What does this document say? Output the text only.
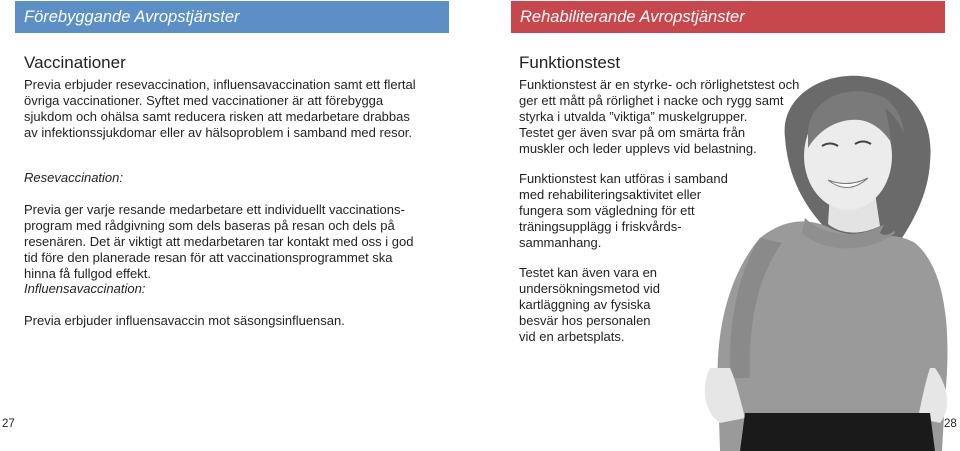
Förebyggande Avropstjänster
Vaccinationer
Previa erbjuder resevaccination, influensavaccination samt ett flertal
övriga vaccinationer. Syftet med vaccinationer är att förebygga
sjukdom och ohälsa samt reducera risken att medarbetare drabbas
av infektionssjukdomar eller av hälsoproblem i samband med resor.

Resevaccination:

Previa ger varje resande medarbetare ett individuellt vaccinations-
program med rådgivning som dels baseras på resan och dels på
resenären. Det är viktigt att medarbetaren tar kontakt med oss i god
tid före den planerade resan för att vaccinationsprogrammet ska
hinna få fullgod effekt.

Influensavaccination:

Previa erbjuder influensavaccin mot säsongsinfluensan.

27
Rehabiliterande Avropstjänster
Funktionstest
Funktionstest är en styrke- och rörlighetstest och
ger ett mått på rörlighet i nacke och rygg samt
styrka i utvalda ”viktiga” muskelgrupper.
Testet ger även svar på om smärta från
muskler och leder upplevs vid belastning.
Funktionstest kan utföras i samband
med rehabiliteringsaktivitet eller
fungera som vägledning för ett
träningsupplägg i friskvårds-
sammanhang.
Testet kan även vara en
undersökningsmetod vid
kartläggning av fysiska
besvär hos personalen
vid en arbetsplats.
28
